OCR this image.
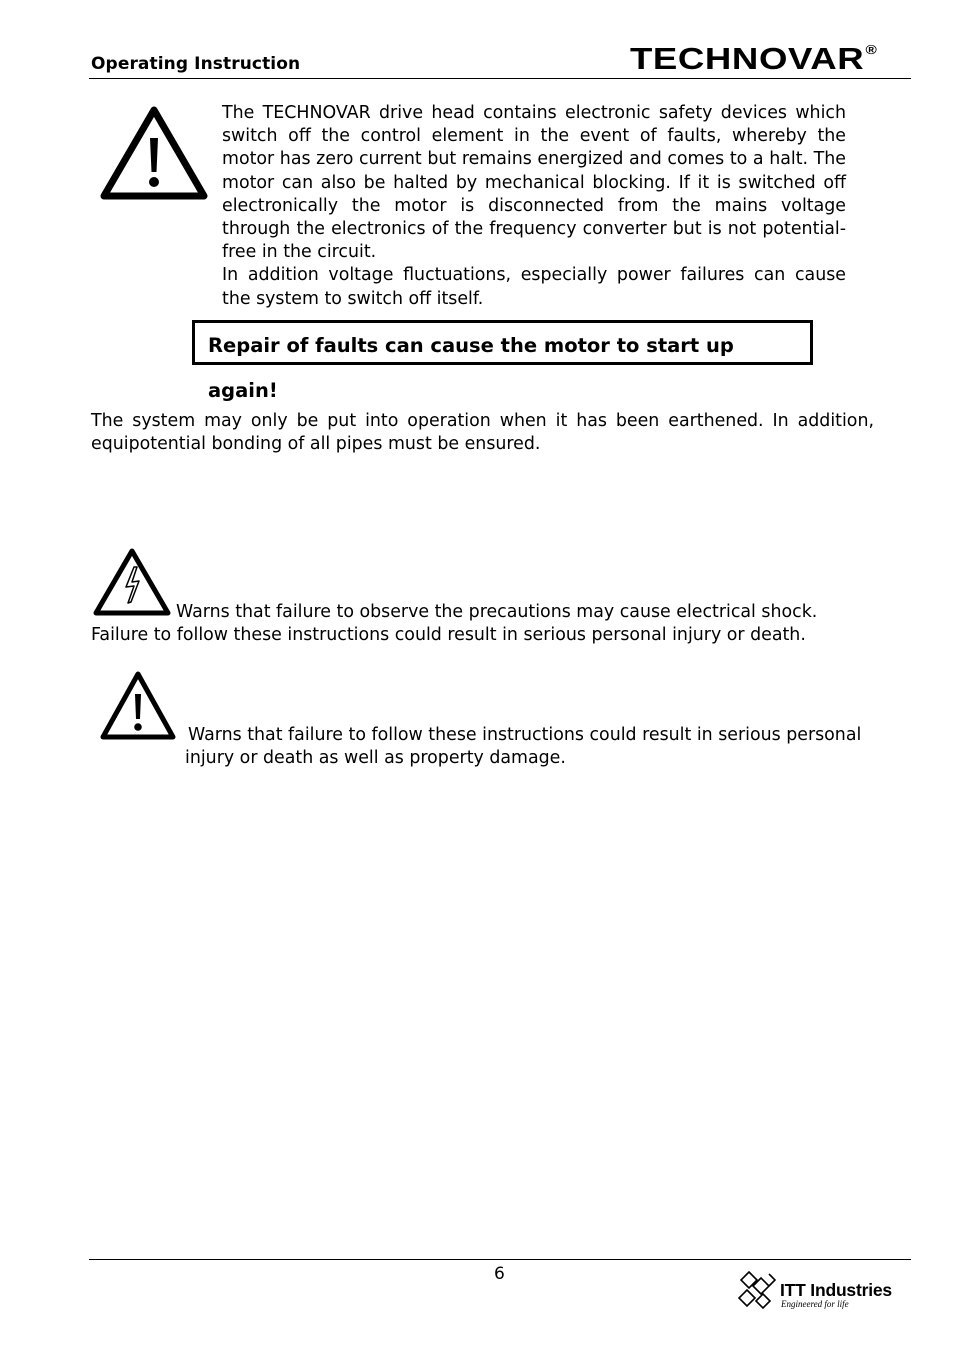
Operating Instruction	TECHNOVAR®
The TECHNOVAR drive head contains electronic safety devices which switch off the control element in the event of faults, whereby the motor has zero current but remains energized and comes to a halt. The motor can also be halted by mechanical blocking. If it is switched off electronically the motor is disconnected from the mains voltage through the electronics of the frequency converter but is not potential-free in the circuit.
In addition voltage fluctuations, especially power failures can cause the system to switch off itself.
Repair of faults can cause the motor to start up again!
The system may only be put into operation when it has been earthened. In addition, equipotential bonding of all pipes must be ensured.
Warns that failure to observe the precautions may cause electrical shock.
Failure to follow these instructions could result in serious personal injury or death.
Warns that failure to follow these instructions could result in serious personal
injury or death as well as property damage.
6
ITT Industries
Engineered for life
